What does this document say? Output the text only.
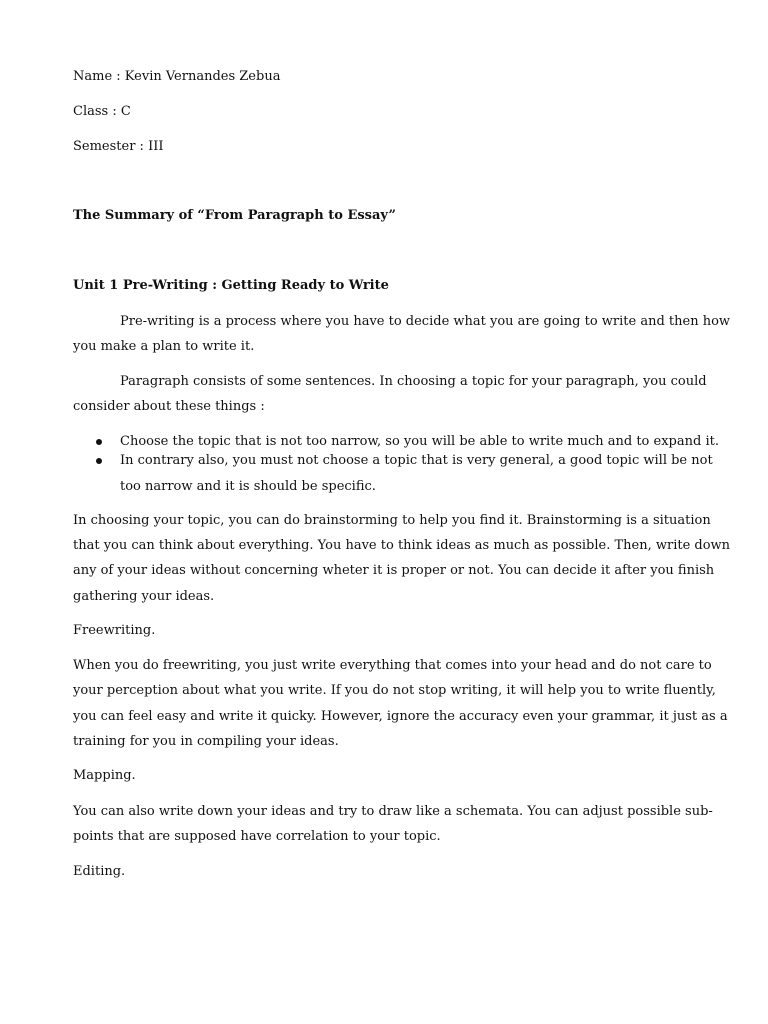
Name : Kevin Vernandes Zebua
Class : C
Semester : III
The Summary of “From Paragraph to Essay”
Unit 1 Pre-Writing : Getting Ready to Write
Pre-writing is a process where you have to decide what you are going to write and then how
you make a plan to write it.
Paragraph consists of some sentences. In choosing a topic for your paragraph, you could
consider about these things :
Choose the topic that is not too narrow, so you will be able to write much and to expand it.
In contrary also, you must not choose a topic that is very general, a good topic will be not
too narrow and it is should be specific.
In choosing your topic, you can do brainstorming to help you find it. Brainstorming is a situation
that you can think about everything. You have to think ideas as much as possible. Then, write down
any of your ideas without concerning wheter it is proper or not. You can decide it after you finish
gathering your ideas.
Freewriting.
When you do freewriting, you just write everything that comes into your head and do not care to
your perception about what you write. If you do not stop writing, it will help you to write fluently,
you can feel easy and write it quicky. However, ignore the accuracy even your grammar, it just as a
training for you in compiling your ideas.
Mapping.
You can also write down your ideas and try to draw like a schemata. You can adjust possible sub-
points that are supposed have correlation to your topic.
Editing.
